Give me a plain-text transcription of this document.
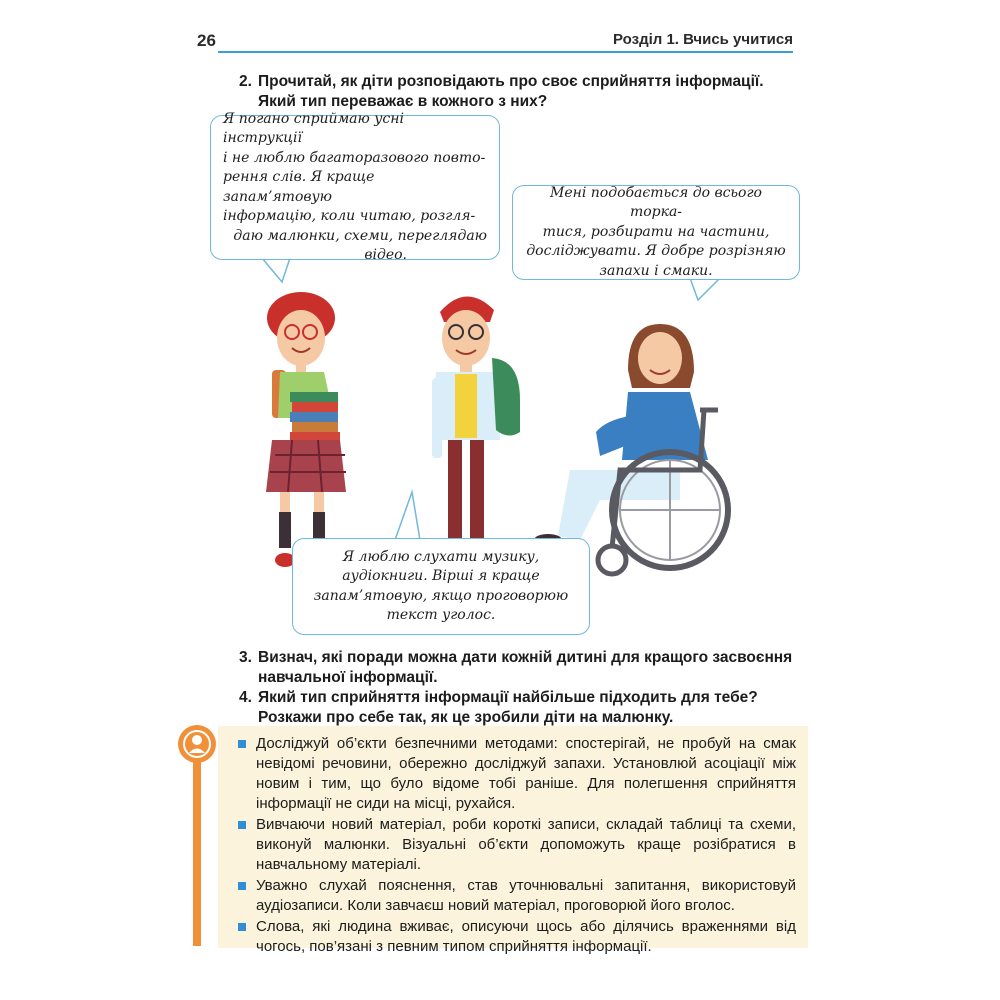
26	Розділ 1. Вчись учитися
2. Прочитай, як діти розповідають про своє сприйняття інформації. Який тип переважає в кожного з них?
Я погано сприймаю усні інструкції
і не люблю багаторазового повто-
рення слів. Я краще запам’ятовую
інформацію, коли читаю, розгля-
даю малюнки, схеми, переглядаю
відео.
Мені подобається до всього торка-
тися, розбирати на частини,
досліджувати. Я добре розрізняю
запахи і смаки.
Я люблю слухати музику,
аудіокниги. Вірші я краще
запам’ятовую, якщо проговорюю
текст уголос.
3. Визнач, які поради можна дати кожній дитині для кращого засвоєння навчальної інформації.
4. Який тип сприйняття інформації найбільше підходить для тебе? Розкажи про себе так, як це зробили діти на малюнку.
Досліджуй об’єкти безпечними методами: спостерігай, не пробуй на смак невідомі речовини, обережно досліджуй запахи. Установлюй асоціації між новим і тим, що було відоме тобі раніше. Для полегшення сприйняття інформації не сиди на місці, рухайся.
Вивчаючи новий матеріал, роби короткі записи, складай таблиці та схеми, виконуй малюнки. Візуальні об’єкти допоможуть краще розібратися в навчальному матеріалі.
Уважно слухай пояснення, став уточнювальні запитання, використовуй аудіозаписи. Коли завчаєш новий матеріал, проговорюй його вголос.
Слова, які людина вживає, описуючи щось або ділячись враженнями від чогось, пов’язані з певним типом сприйняття інформації.
